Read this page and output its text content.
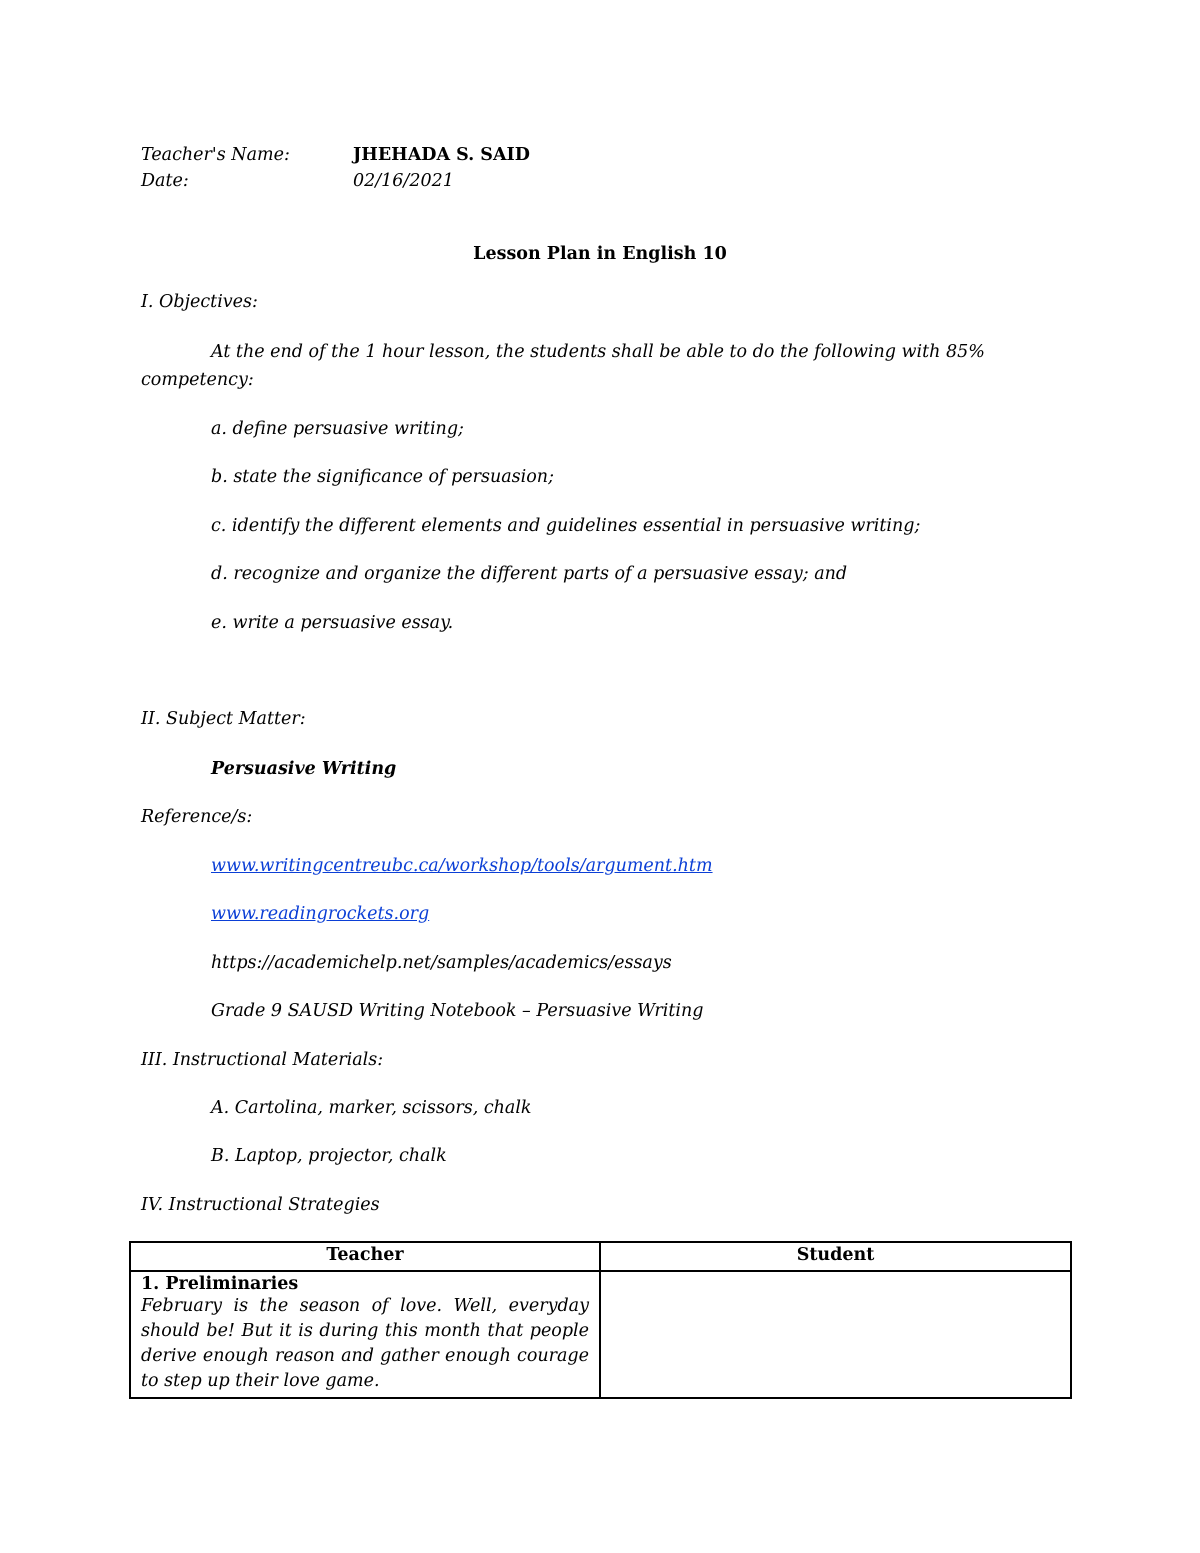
Teacher's Name:	JHEHADA S. SAID
Date:	02/16/2021
Lesson Plan in English 10
I. Objectives:
At the end of the 1 hour lesson, the students shall be able to do the following with 85%
competency:
a. define persuasive writing;
b. state the significance of persuasion;
c. identify the different elements and guidelines essential in persuasive writing;
d. recognize and organize the different parts of a persuasive essay; and
e. write a persuasive essay.
II. Subject Matter:
Persuasive Writing
Reference/s:
www.writingcentreubc.ca/workshop/tools/argument.htm
www.readingrockets.org
https://academichelp.net/samples/academics/essays
Grade 9 SAUSD Writing Notebook – Persuasive Writing
III. Instructional Materials:
A. Cartolina, marker, scissors, chalk
B. Laptop, projector, chalk
IV. Instructional Strategies
Teacher	Student

1. Preliminaries
February is the season of love. Well, everyday should be! But it is during this month that people derive enough reason and gather enough courage to step up their love game.	
